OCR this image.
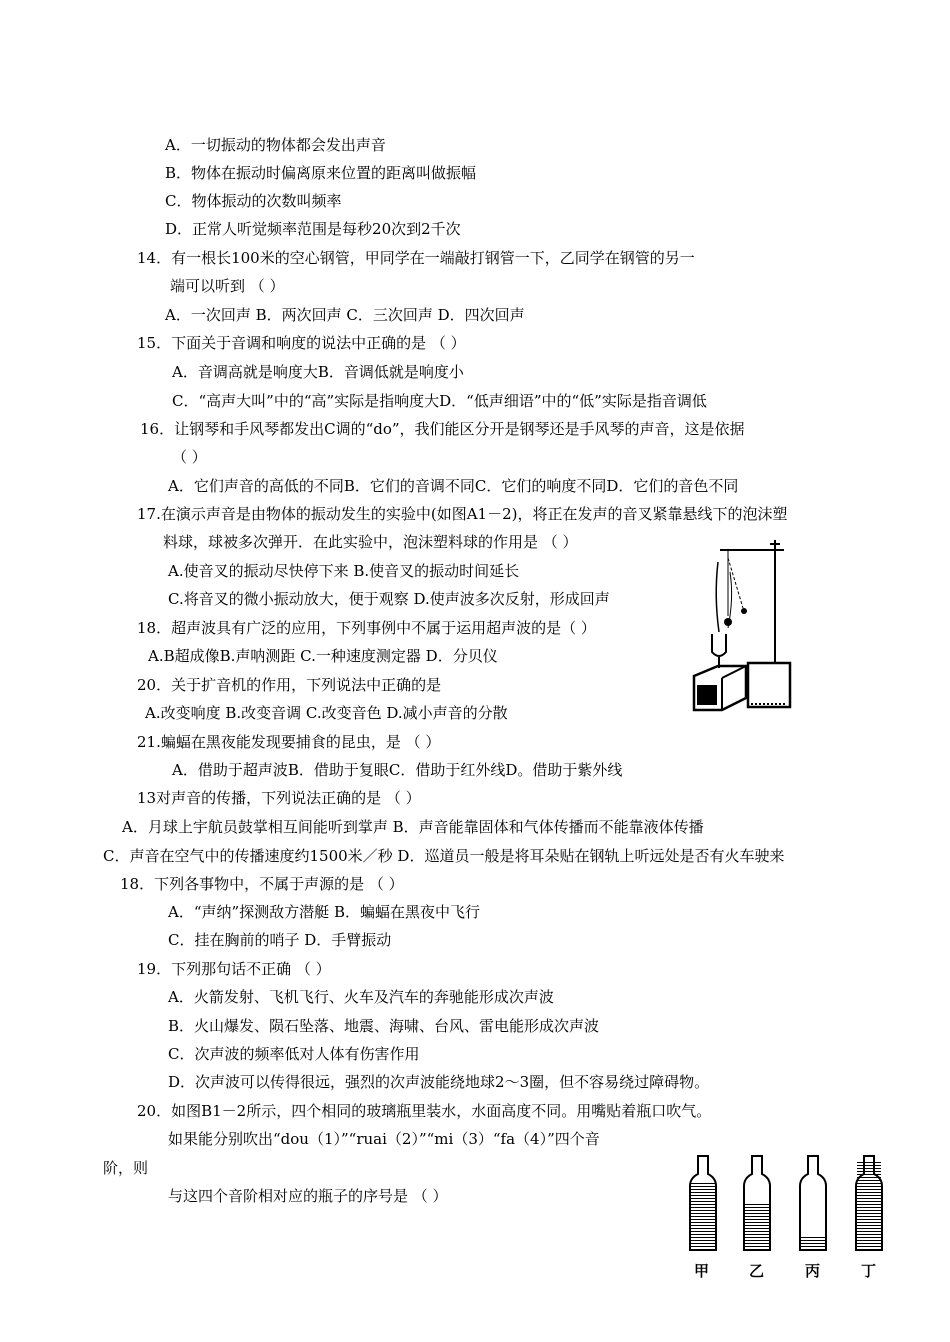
A．一切振动的物体都会发出声音
B．物体在振动时偏离原来位置的距离叫做振幅
C．物体振动的次数叫频率
D．正常人听觉频率范围是每秒20次到2千次
14．有一根长100米的空心钢管，甲同学在一端敲打钢管一下，乙同学在钢管的另一
端可以听到 （ ）
A．一次回声 B．两次回声 C．三次回声 D．四次回声
15．下面关于音调和响度的说法中正确的是 （ ）
A．音调高就是响度大B．音调低就是响度小
C．“高声大叫”中的“高”实际是指响度大D．“低声细语”中的“低”实际是指音调低
16．让钢琴和手风琴都发出C调的“do”，我们能区分开是钢琴还是手风琴的声音，这是依据
（ ）
A．它们声音的高低的不同B．它们的音调不同C．它们的响度不同D．它们的音色不同
17.在演示声音是由物体的振动发生的实验中(如图A1－2)，将正在发声的音叉紧靠悬线下的泡沫塑
料球，球被多次弹开．在此实验中，泡沫塑料球的作用是 （ ）
A.使音叉的振动尽快停下来 B.使音叉的振动时间延长
C.将音叉的微小振动放大，便于观察 D.使声波多次反射，形成回声
18．超声波具有广泛的应用，下列事例中不属于运用超声波的是（ ）
A.B超成像B.声呐测距 C.一种速度测定器 D．分贝仪
20．关于扩音机的作用，下列说法中正确的是
A.改变响度 B.改变音调 C.改变音色 D.减小声音的分散
21.蝙蝠在黑夜能发现要捕食的昆虫，是 （ ）
A．借助于超声波B．借助于复眼C．借助于红外线D。借助于紫外线
13对声音的传播，下列说法正确的是 （ ）
A．月球上宇航员鼓掌相互间能听到掌声 B．声音能靠固体和气体传播而不能靠液体传播
C．声音在空气中的传播速度约1500米／秒 D．巡道员一般是将耳朵贴在钢轨上听远处是否有火车驶来
18．下列各事物中，不属于声源的是 （ ）
A．“声纳”探测敌方潜艇 B．蝙蝠在黑夜中飞行
C．挂在胸前的哨子 D．手臂振动
19．下列那句话不正确 （ ）
A．火箭发射、飞机飞行、火车及汽车的奔驰能形成次声波
B．火山爆发、陨石坠落、地震、海啸、台风、雷电能形成次声波
C．次声波的频率低对人体有伤害作用
D．次声波可以传得很远，强烈的次声波能绕地球2～3圈，但不容易绕过障碍物。
20．如图B1－2所示，四个相同的玻璃瓶里装水，水面高度不同。用嘴贴着瓶口吹气。
如果能分别吹出“dou（1）”“ruai（2）”“mi（3）“fa（4）”四个音
阶，则
与这四个音阶相对应的瓶子的序号是 （ ）
甲	乙	丙	丁
